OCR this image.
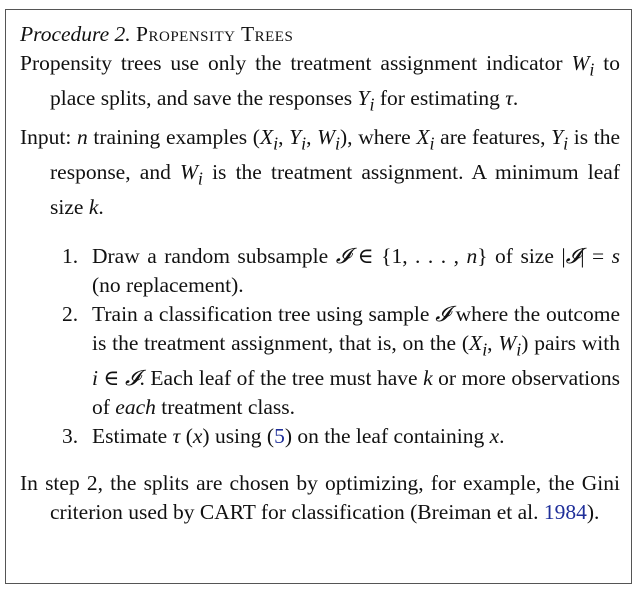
Procedure 2. Propensity Trees
Propensity trees use only the treatment assignment indicator $W_i$ to place splits, and save the responses $Y_i$ for estimating τ.
Input: n training examples ($X_i$, $Y_i$, $W_i$), where $X_i$ are features, $Y_i$ is the response, and $W_i$ is the treatment assignment. A minimum leaf size k.
1. Draw a random subsample 𝓘 ∈ {1, . . . , n} of size |𝓘| = s (no replacement).
2. Train a classification tree using sample 𝓘 where the outcome is the treatment assignment, that is, on the ($X_i$, $W_i$) pairs with i ∈ 𝓘. Each leaf of the tree must have k or more observations of each treatment class.
3. Estimate τ (x) using (5) on the leaf containing x.
In step 2, the splits are chosen by optimizing, for example, the Gini criterion used by CART for classification (Breiman et al. 1984).
